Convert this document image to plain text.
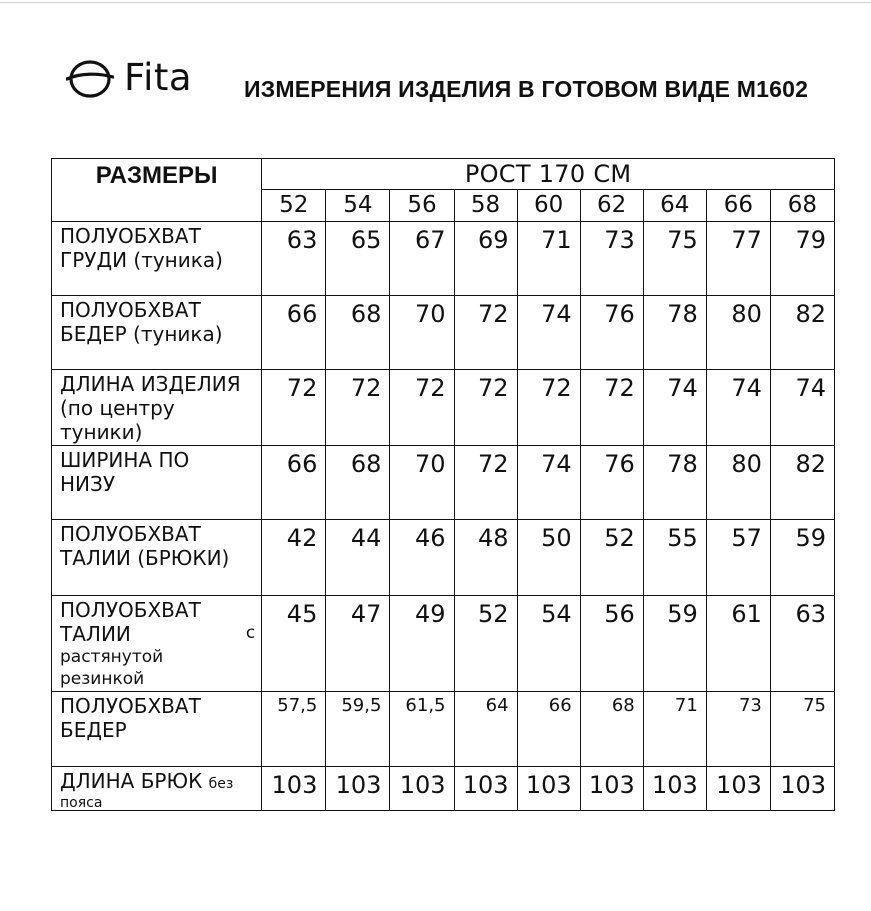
Fita ИЗМЕРЕНИЯ ИЗДЕЛИЯ В ГОТОВОМ ВИДЕ М1602
РАЗМЕРЫ	РОСТ 170 СМ								
	52	54	56	58	60	62	64	66	68

ПОЛУОБХВАТ
ГРУДИ (туника)	63	65	67	69	71	73	75	77	79

ПОЛУОБХВАТ
БЕДЕР (туника)	66	68	70	72	74	76	78	80	82

ДЛИНА ИЗДЕЛИЯ
(по центру
туники)	72	72	72	72	72	72	74	74	74

ШИРИНА ПО
НИЗУ	66	68	70	72	74	76	78	80	82

ПОЛУОБХВАТ
ТАЛИИ (БРЮКИ)	42	44	46	48	50	52	55	57	59

ПОЛУОБХВАТ
ТАЛИИ с
растянутой
резинкой	45	47	49	52	54	56	59	61	63

ПОЛУОБХВАТ
БЕДЕР	57,5	59,5	61,5	64	66	68	71	73	75

ДЛИНА БРЮК без
пояса	103	103	103	103	103	103	103	103	103
